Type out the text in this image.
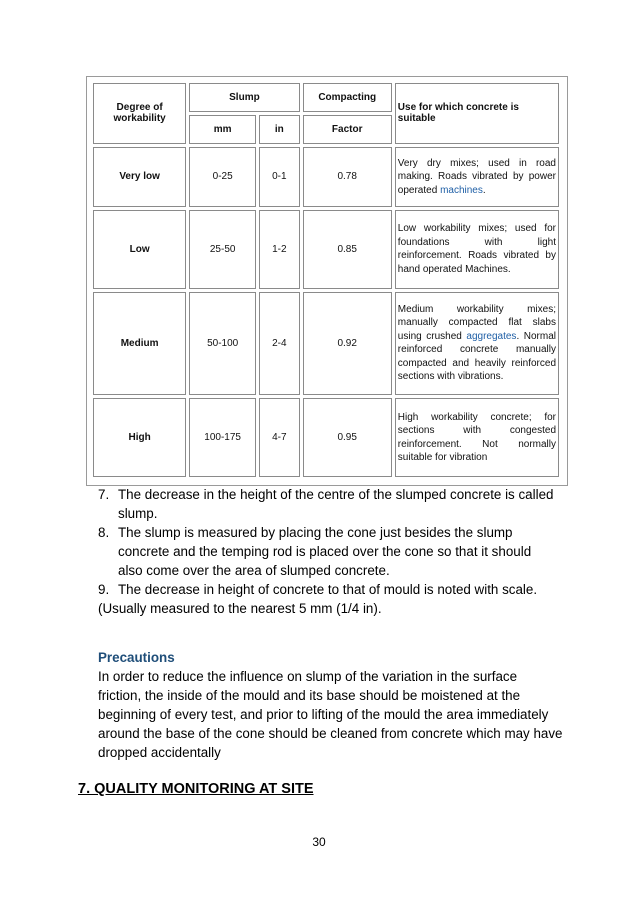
Degree of workability	Slump		Compacting	Use for which concrete is suitable
	mm	in	Factor	
Very low	0-25	0-1	0.78	Very dry mixes; used in road making. Roads vibrated by power operated machines.
Low	25-50	1-2	0.85	Low workability mixes; used for foundations with light reinforcement. Roads vibrated by hand operated Machines.
Medium	50-100	2-4	0.92	Medium workability mixes; manually compacted flat slabs using crushed aggregates. Normal reinforced concrete manually compacted and heavily reinforced sections with vibrations.
High	100-175	4-7	0.95	High workability concrete; for sections with congested reinforcement. Not normally suitable for vibration
7. The decrease in the height of the centre of the slumped concrete is called slump.
8. The slump is measured by placing the cone just besides the slump concrete and the temping rod is placed over the cone so that it should also come over the area of slumped concrete.
9. The decrease in height of concrete to that of mould is noted with scale.
(Usually measured to the nearest 5 mm (1/4 in).
Precautions
In order to reduce the influence on slump of the variation in the surface friction, the inside of the mould and its base should be moistened at the beginning of every test, and prior to lifting of the mould the area immediately around the base of the cone should be cleaned from concrete which may have dropped accidentally
7. QUALITY MONITORING AT SITE
30
